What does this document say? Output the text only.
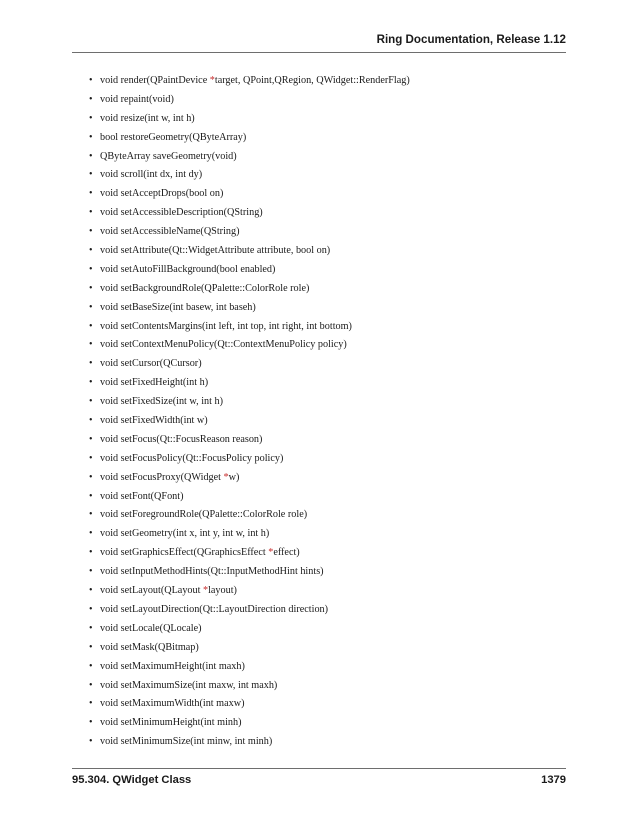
Ring Documentation, Release 1.12
• void render(QPaintDevice *target, QPoint,QRegion, QWidget::RenderFlag)
• void repaint(void)
• void resize(int w, int h)
• bool restoreGeometry(QByteArray)
• QByteArray saveGeometry(void)
• void scroll(int dx, int dy)
• void setAcceptDrops(bool on)
• void setAccessibleDescription(QString)
• void setAccessibleName(QString)
• void setAttribute(Qt::WidgetAttribute attribute, bool on)
• void setAutoFillBackground(bool enabled)
• void setBackgroundRole(QPalette::ColorRole role)
• void setBaseSize(int basew, int baseh)
• void setContentsMargins(int left, int top, int right, int bottom)
• void setContextMenuPolicy(Qt::ContextMenuPolicy policy)
• void setCursor(QCursor)
• void setFixedHeight(int h)
• void setFixedSize(int w, int h)
• void setFixedWidth(int w)
• void setFocus(Qt::FocusReason reason)
• void setFocusPolicy(Qt::FocusPolicy policy)
• void setFocusProxy(QWidget *w)
• void setFont(QFont)
• void setForegroundRole(QPalette::ColorRole role)
• void setGeometry(int x, int y, int w, int h)
• void setGraphicsEffect(QGraphicsEffect *effect)
• void setInputMethodHints(Qt::InputMethodHint hints)
• void setLayout(QLayout *layout)
• void setLayoutDirection(Qt::LayoutDirection direction)
• void setLocale(QLocale)
• void setMask(QBitmap)
• void setMaximumHeight(int maxh)
• void setMaximumSize(int maxw, int maxh)
• void setMaximumWidth(int maxw)
• void setMinimumHeight(int minh)
• void setMinimumSize(int minw, int minh)
95.304. QWidget Class	1379
